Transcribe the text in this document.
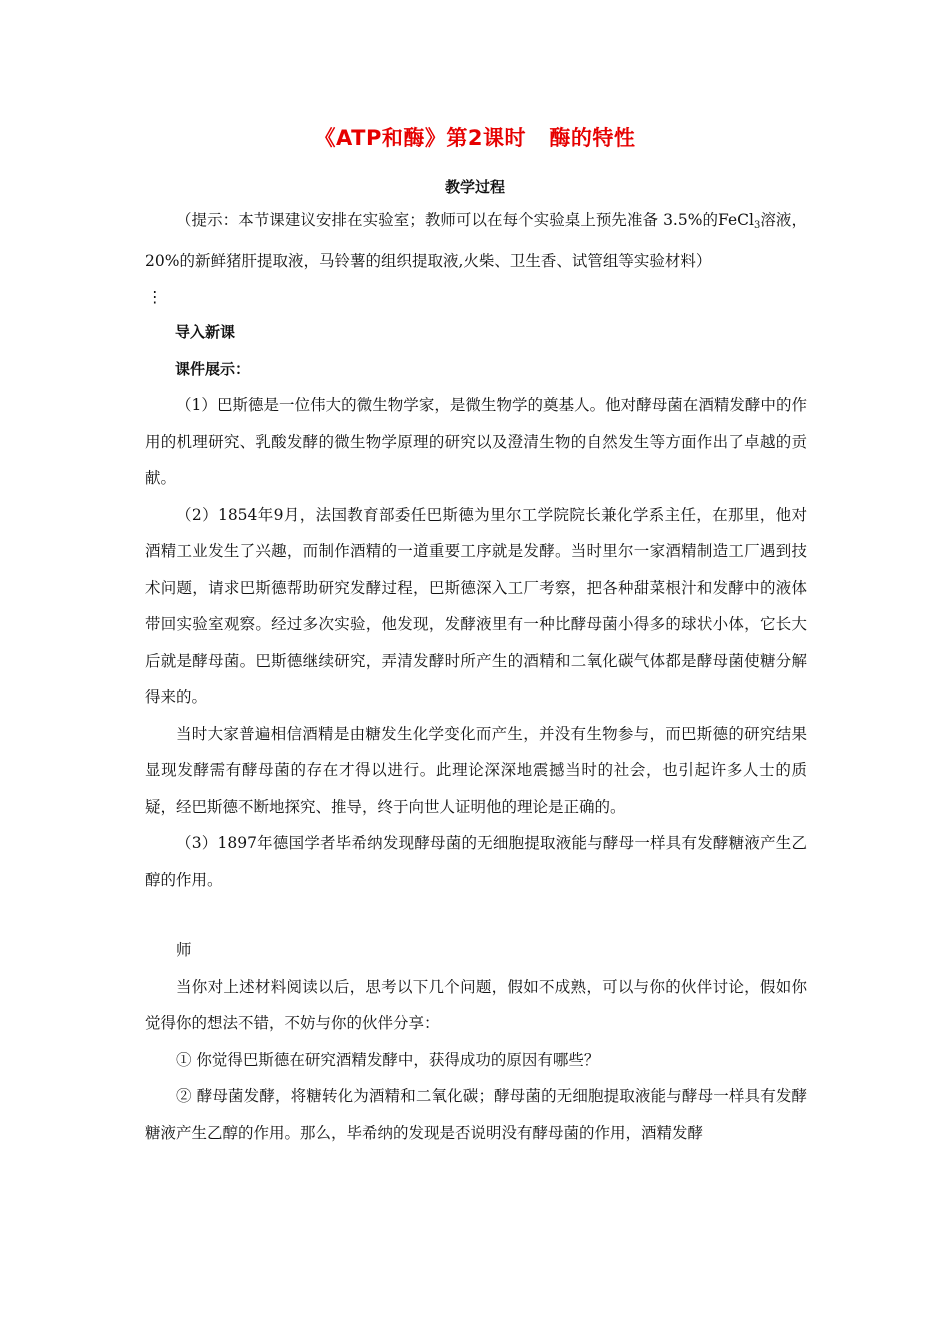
《ATP和酶》第2课时   酶的特性
教学过程

（提示：本节课建议安排在实验室；教师可以在每个实验桌上预先准备 3.5%的FeCl$_3$溶液，20%的新鲜猪肝提取液，马铃薯的组织提取液,火柴、卫生香、试管组等实验材料）

⋮

导入新课

课件展示：

（1）巴斯德是一位伟大的微生物学家，是微生物学的奠基人。他对酵母菌在酒精发酵中的作用的机理研究、乳酸发酵的微生物学原理的研究以及澄清生物的自然发生等方面作出了卓越的贡献。

（2）1854年9月，法国教育部委任巴斯德为里尔工学院院长兼化学系主任，在那里，他对酒精工业发生了兴趣，而制作酒精的一道重要工序就是发酵。当时里尔一家酒精制造工厂遇到技术问题，请求巴斯德帮助研究发酵过程，巴斯德深入工厂考察，把各种甜菜根汁和发酵中的液体带回实验室观察。经过多次实验，他发现，发酵液里有一种比酵母菌小得多的球状小体，它长大后就是酵母菌。巴斯德继续研究，弄清发酵时所产生的酒精和二氧化碳气体都是酵母菌使糖分解得来的。

当时大家普遍相信酒精是由糖发生化学变化而产生，并没有生物参与，而巴斯德的研究结果显现发酵需有酵母菌的存在才得以进行。此理论深深地震撼当时的社会，也引起许多人士的质疑，经巴斯德不断地探究、推导，终于向世人证明他的理论是正确的。

（3）1897年德国学者毕希纳发现酵母菌的无细胞提取液能与酵母一样具有发酵糖液产生乙醇的作用。

师

当你对上述材料阅读以后，思考以下几个问题，假如不成熟，可以与你的伙伴讨论，假如你觉得你的想法不错，不妨与你的伙伴分享：

① 你觉得巴斯德在研究酒精发酵中，获得成功的原因有哪些？

② 酵母菌发酵，将糖转化为酒精和二氧化碳；酵母菌的无细胞提取液能与酵母一样具有发酵糖液产生乙醇的作用。那么，毕希纳的发现是否说明没有酵母菌的作用，酒精发酵
